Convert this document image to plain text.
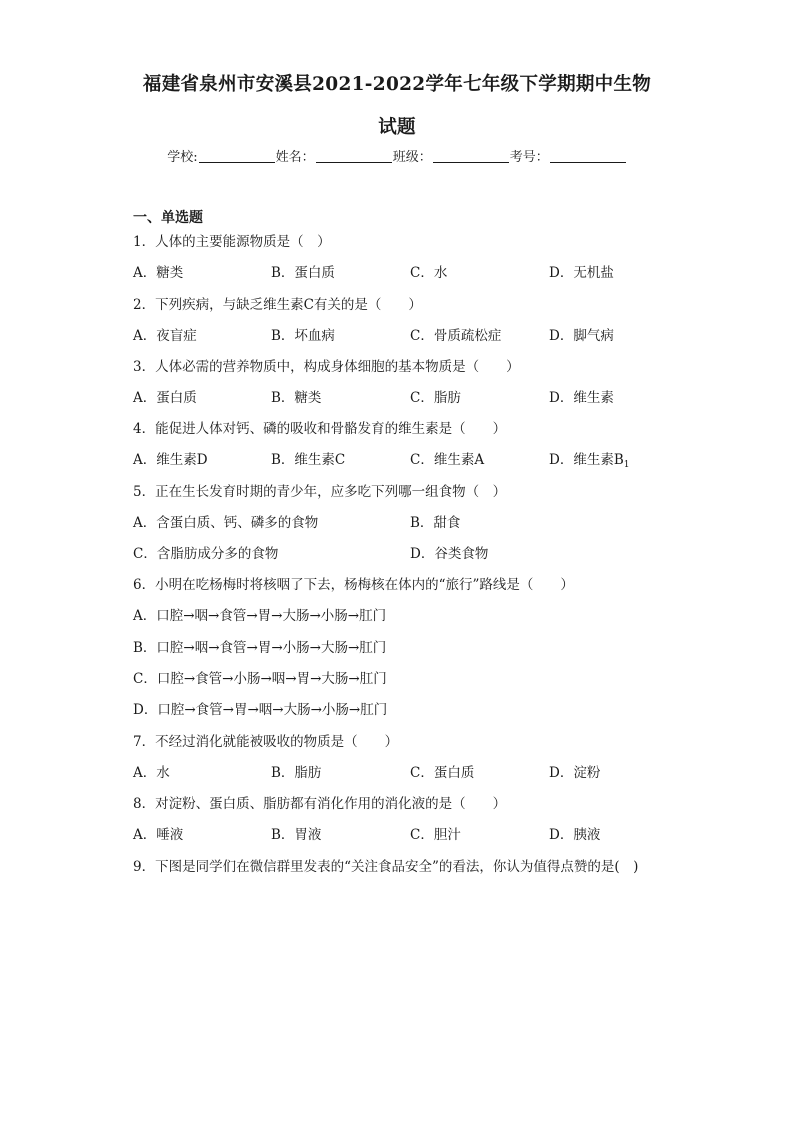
福建省泉州市安溪县2021-2022学年七年级下学期期中生物
试题
学校:	姓名：	班级：	考号：
一、单选题
1．人体的主要能源物质是（　）
A．糖类	B．蛋白质	C．水	D．无机盐
2．下列疾病，与缺乏维生素C有关的是（　　）
A．夜盲症	B．坏血病	C．骨质疏松症	D．脚气病
3．人体必需的营养物质中，构成身体细胞的基本物质是（　　）
A．蛋白质	B．糖类	C．脂肪	D．维生素
4．能促进人体对钙、磷的吸收和骨骼发育的维生素是（　　）
A．维生素D	B．维生素C	C．维生素A	D．维生素$B_1$
5．正在生长发育时期的青少年，应多吃下列哪一组食物（　）
A．含蛋白质、钙、磷多的食物	B．甜食
C．含脂肪成分多的食物	D．谷类食物
6．小明在吃杨梅时将核咽了下去，杨梅核在体内的“旅行”路线是（　　）
A．口腔→咽→食管→胃→大肠→小肠→肛门
B．口腔→咽→食管→胃→小肠→大肠→肛门
C．口腔→食管→小肠→咽→胃→大肠→肛门
D．口腔→食管→胃→咽→大肠→小肠→肛门
7．不经过消化就能被吸收的物质是（　　）
A．水	B．脂肪	C．蛋白质	D．淀粉
8．对淀粉、蛋白质、脂肪都有消化作用的消化液的是（　　）
A．唾液	B．胃液	C．胆汁	D．胰液
9．下图是同学们在微信群里发表的“关注食品安全”的看法，你认为值得点赞的是(　)
